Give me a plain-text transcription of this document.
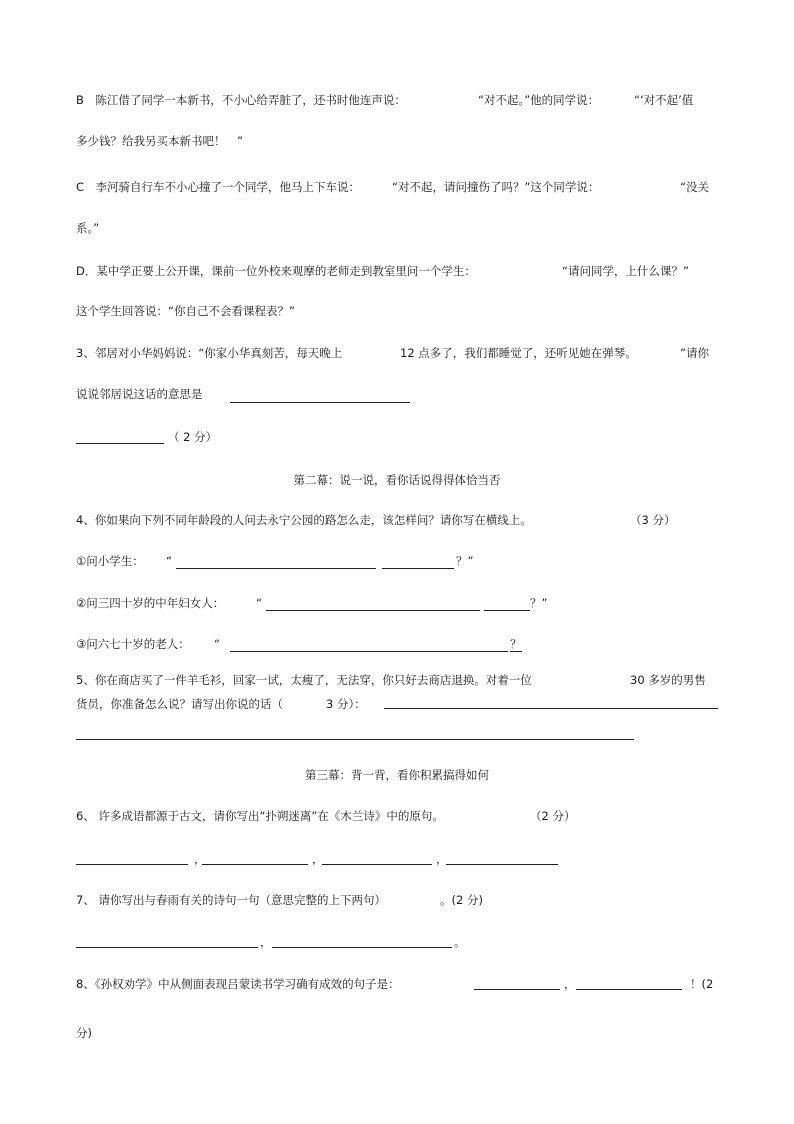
B　陈江借了同学一本新书，不小心给弄脏了，还书时他连声说：	“对不起。”他的同学说：	“‘对不起’值
多少钱？给我另买本新书吧！　”
C　李河骑自行车不小心撞了一个同学，他马上下车说：	“对不起，请问撞伤了吗？”这个同学说：	“没关
系。”
D．某中学正要上公开课，课前一位外校来观摩的老师走到教室里问一个学生：	“请问同学，上什么课？”
这个学生回答说：“你自己不会看课程表？”
3、邻居对小华妈妈说：“你家小华真刻苦，每天晚上	12 点多了，我们都睡觉了，还听见她在弹琴。	”请你
说说邻居说这话的意思是
（ 2 分）
第二幕：说一说，看你话说得得体恰当否
4、你如果向下列不同年龄段的人问去永宁公园的路怎么走，该怎样问？请你写在横线上。	（3 分）
①问小学生： “	？”
②问三四十岁的中年妇女人：	“	？”
③问六七十岁的老人： “	？
5、你在商店买了一件羊毛衫，回家一试，太瘦了，无法穿，你只好去商店退换。对着一位	30 多岁的男售
货员，你准备怎么说？请写出你说的话（	3 分）：
第三幕：背一背，看你积累搞得如何
6、 许多成语都源于古文，请你写出“扑朔迷离”在《木兰诗》中的原句。	（2 分）
，	，	，
7、 请你写出与春雨有关的诗句一句（意思完整的上下两句）	。(2 分)
，	。
8、《孙权劝学》中从侧面表现吕蒙读书学习确有成效的句子是：	，	！(2
分)
